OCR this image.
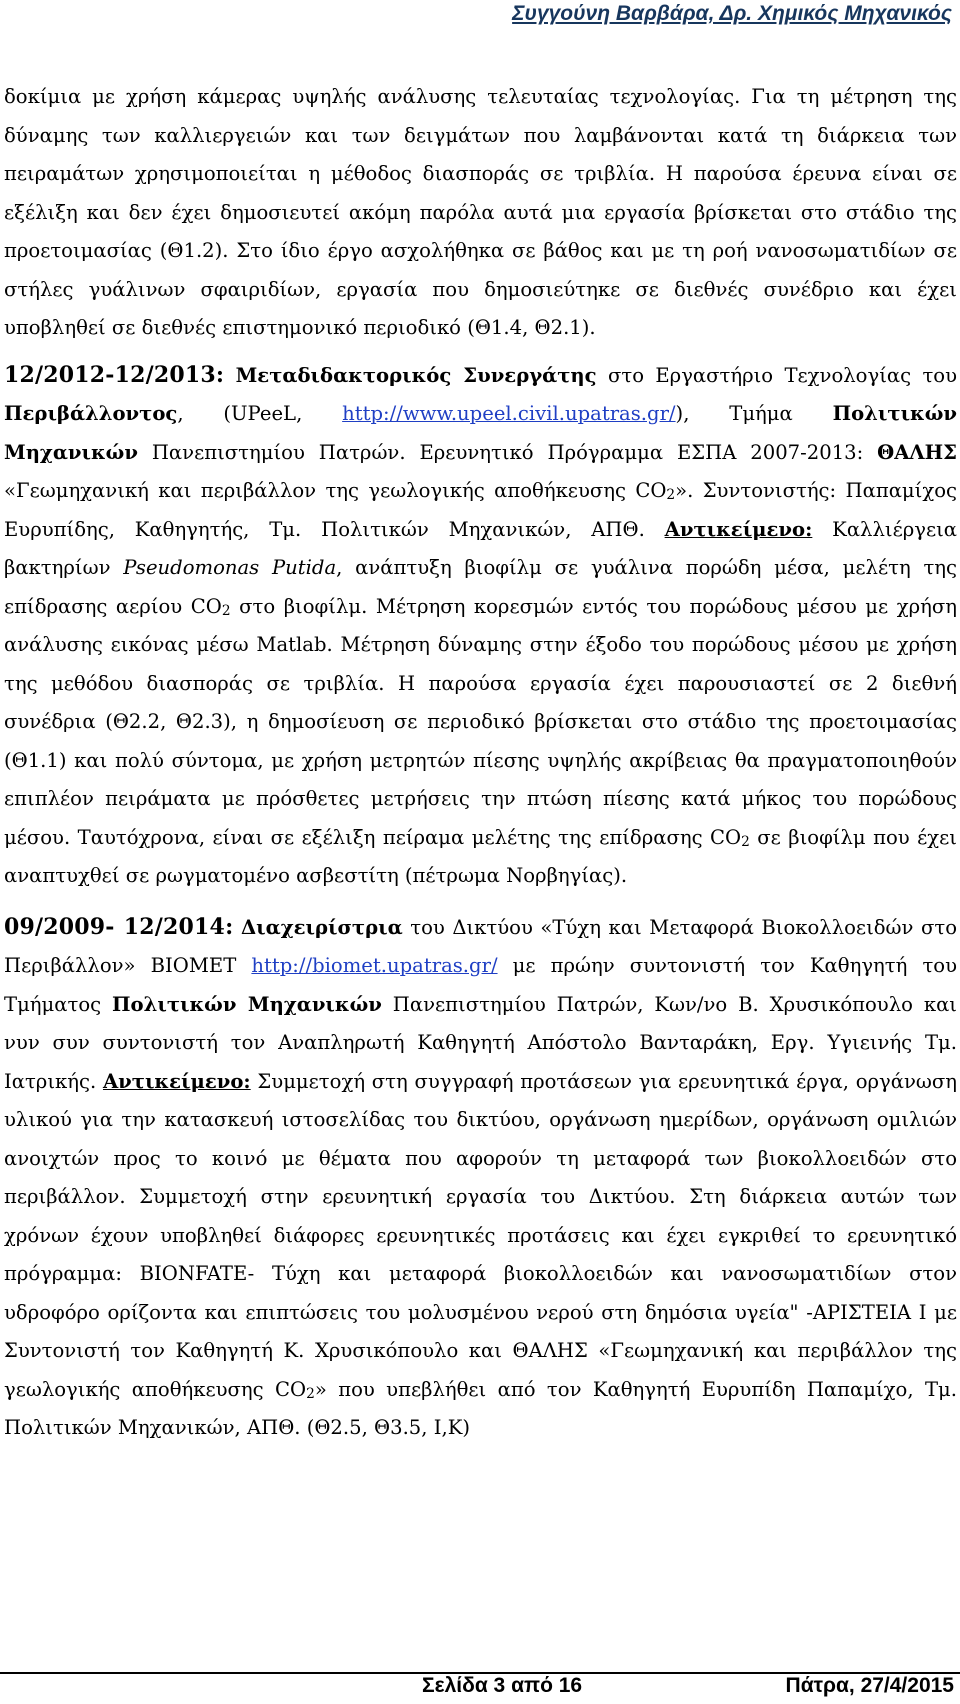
Συγγούνη Βαρβάρα, Δρ. Χημικός Μηχανικός

δοκίμια με χρήση κάμερας υψηλής ανάλυσης τελευταίας τεχνολογίας. Για τη μέτρηση της δύναμης των καλλιεργειών και των δειγμάτων που λαμβάνονται κατά τη διάρκεια των πειραμάτων χρησιμοποιείται η μέθοδος διασποράς σε τριβλία. Η παρούσα έρευνα είναι σε εξέλιξη και δεν έχει δημοσιευτεί ακόμη παρόλα αυτά μια εργασία βρίσκεται στο στάδιο της προετοιμασίας (Θ1.2). Στο ίδιο έργο ασχολήθηκα σε βάθος και με τη ροή νανοσωματιδίων σε στήλες γυάλινων σφαιριδίων, εργασία που δημοσιεύτηκε σε διεθνές συνέδριο και έχει υποβληθεί σε διεθνές επιστημονικό περιοδικό (Θ1.4, Θ2.1).

12/2012-12/2013: Μεταδιδακτορικός Συνεργάτης στο Εργαστήριο Τεχνολογίας του Περιβάλλοντος, (UPeeL, http://www.upeel.civil.upatras.gr/), Τμήμα Πολιτικών Μηχανικών Πανεπιστημίου Πατρών. Ερευνητικό Πρόγραμμα ΕΣΠΑ 2007-2013: ΘΑΛΗΣ «Γεωμηχανική και περιβάλλον της γεωλογικής αποθήκευσης $CO_2$». Συντονιστής: Παπαμίχος Ευρυπίδης, Καθηγητής, Τμ. Πολιτικών Μηχανικών, ΑΠΘ. Αντικείμενο: Καλλιέργεια βακτηρίων Pseudomonas Putida, ανάπτυξη βιοφίλμ σε γυάλινα πορώδη μέσα, μελέτη της επίδρασης αερίου $CO_2$ στο βιοφίλμ. Μέτρηση κορεσμών εντός του πορώδους μέσου με χρήση ανάλυσης εικόνας μέσω Matlab. Μέτρηση δύναμης στην έξοδο του πορώδους μέσου με χρήση της μεθόδου διασποράς σε τριβλία. Η παρούσα εργασία έχει παρουσιαστεί σε 2 διεθνή συνέδρια (Θ2.2, Θ2.3), η δημοσίευση σε περιοδικό βρίσκεται στο στάδιο της προετοιμασίας (Θ1.1) και πολύ σύντομα, με χρήση μετρητών πίεσης υψηλής ακρίβειας θα πραγματοποιηθούν επιπλέον πειράματα με πρόσθετες μετρήσεις την πτώση πίεσης κατά μήκος του πορώδους μέσου. Ταυτόχρονα, είναι σε εξέλιξη πείραμα μελέτης της επίδρασης $CO_2$ σε βιοφίλμ που έχει αναπτυχθεί σε ρωγματομένο ασβεστίτη (πέτρωμα Νορβηγίας).

09/2009- 12/2014: Διαχειρίστρια του Δικτύου «Τύχη και Μεταφορά Βιοκολλοειδών στο Περιβάλλον» BIOMET http://biomet.upatras.gr/ με πρώην συντονιστή τον Καθηγητή του Τμήματος Πολιτικών Μηχανικών Πανεπιστημίου Πατρών, Κων/νο Β. Χρυσικόπουλο και νυν συν συντονιστή τον Αναπληρωτή Καθηγητή Απόστολο Βανταράκη, Εργ. Υγιεινής Τμ. Ιατρικής. Αντικείμενο: Συμμετοχή στη συγγραφή προτάσεων για ερευνητικά έργα, οργάνωση υλικού για την κατασκευή ιστοσελίδας του δικτύου, οργάνωση ημερίδων, οργάνωση ομιλιών ανοιχτών προς το κοινό με θέματα που αφορούν τη μεταφορά των βιοκολλοειδών στο περιβάλλον. Συμμετοχή στην ερευνητική εργασία του Δικτύου. Στη διάρκεια αυτών των χρόνων έχουν υποβληθεί διάφορες ερευνητικές προτάσεις και έχει εγκριθεί το ερευνητικό πρόγραμμα: BIONFATE- Τύχη και μεταφορά βιοκολλοειδών και νανοσωματιδίων στον υδροφόρο ορίζοντα και επιπτώσεις του μολυσμένου νερού στη δημόσια υγεία" -ΑΡΙΣΤΕΙΑ Ι με Συντονιστή τον Καθηγητή Κ. Χρυσικόπουλο και ΘΑΛΗΣ «Γεωμηχανική και περιβάλλον της γεωλογικής αποθήκευσης $CO_2$» που υπεβλήθει από τον Καθηγητή Ευρυπίδη Παπαμίχο, Τμ. Πολιτικών Μηχανικών, ΑΠΘ. (Θ2.5, Θ3.5, Ι,Κ)

Σελίδα 3 από 16	Πάτρα, 27/4/2015
